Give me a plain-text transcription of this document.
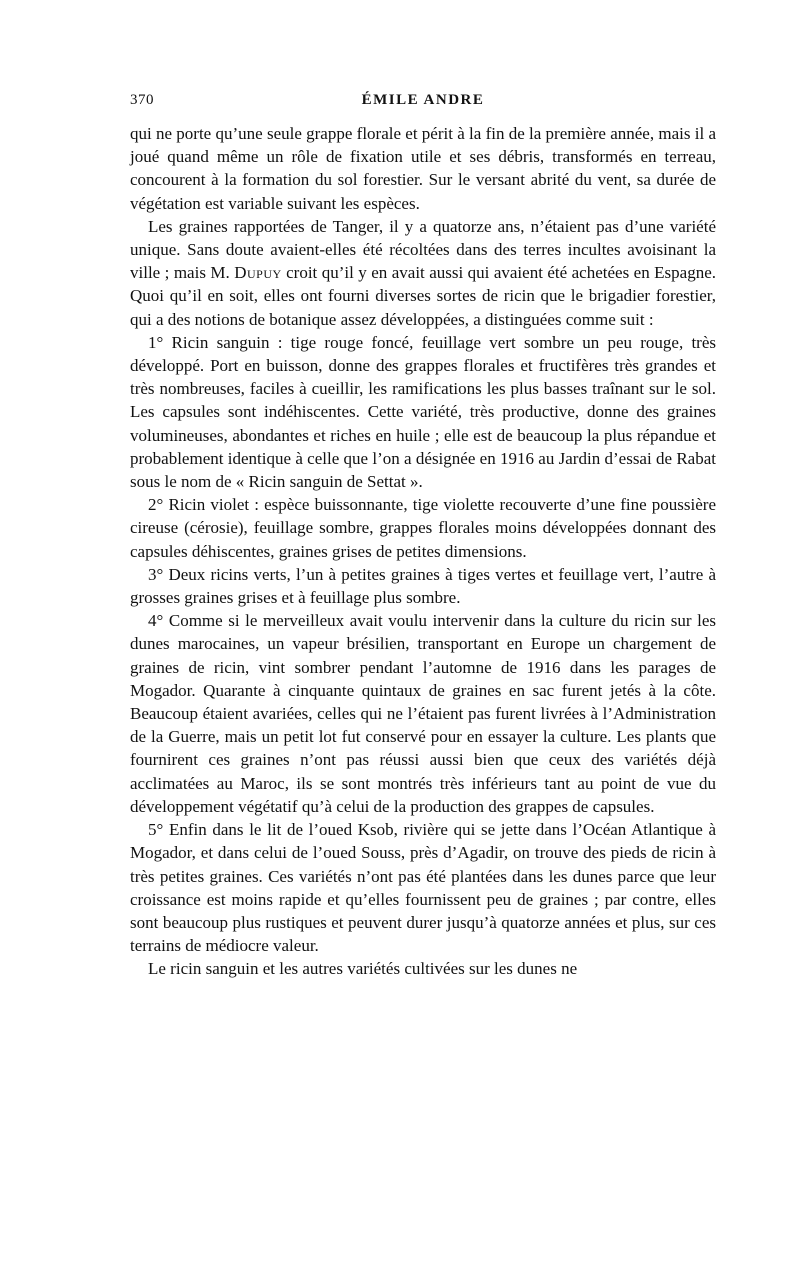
370	ÉMILE ANDRE

qui ne porte qu’une seule grappe florale et périt à la fin de la première année, mais il a joué quand même un rôle de fixation utile et ses débris, transformés en terreau, concourent à la formation du sol forestier. Sur le versant abrité du vent, sa durée de végétation est variable suivant les espèces.

Les graines rapportées de Tanger, il y a quatorze ans, n’étaient pas d’une variété unique. Sans doute avaient-elles été récoltées dans des terres incultes avoisinant la ville ; mais M. Dupuy croit qu’il y en avait aussi qui avaient été achetées en Espagne. Quoi qu’il en soit, elles ont fourni diverses sortes de ricin que le brigadier forestier, qui a des notions de botanique assez développées, a distinguées comme suit :

1° Ricin sanguin : tige rouge foncé, feuillage vert sombre un peu rouge, très développé. Port en buisson, donne des grappes florales et fructifères très grandes et très nombreuses, faciles à cueillir, les ramifications les plus basses traînant sur le sol. Les capsules sont indéhiscentes. Cette variété, très productive, donne des graines volumineuses, abondantes et riches en huile ; elle est de beaucoup la plus répandue et probablement identique à celle que l’on a désignée en 1916 au Jardin d’essai de Rabat sous le nom de « Ricin sanguin de Settat ».

2° Ricin violet : espèce buissonnante, tige violette recouverte d’une fine poussière cireuse (cérosie), feuillage sombre, grappes florales moins développées donnant des capsules déhiscentes, graines grises de petites dimensions.

3° Deux ricins verts, l’un à petites graines à tiges vertes et feuillage vert, l’autre à grosses graines grises et à feuillage plus sombre.

4° Comme si le merveilleux avait voulu intervenir dans la culture du ricin sur les dunes marocaines, un vapeur brésilien, transportant en Europe un chargement de graines de ricin, vint sombrer pendant l’automne de 1916 dans les parages de Mogador. Quarante à cinquante quintaux de graines en sac furent jetés à la côte. Beaucoup étaient avariées, celles qui ne l’étaient pas furent livrées à l’Administration de la Guerre, mais un petit lot fut conservé pour en essayer la culture. Les plants que fournirent ces graines n’ont pas réussi aussi bien que ceux des variétés déjà acclimatées au Maroc, ils se sont montrés très inférieurs tant au point de vue du développement végétatif qu’à celui de la production des grappes de capsules.

5° Enfin dans le lit de l’oued Ksob, rivière qui se jette dans l’Océan Atlantique à Mogador, et dans celui de l’oued Souss, près d’Agadir, on trouve des pieds de ricin à très petites graines. Ces variétés n’ont pas été plantées dans les dunes parce que leur croissance est moins rapide et qu’elles fournissent peu de graines ; par contre, elles sont beaucoup plus rustiques et peuvent durer jusqu’à quatorze années et plus, sur ces terrains de médiocre valeur.

Le ricin sanguin et les autres variétés cultivées sur les dunes ne
